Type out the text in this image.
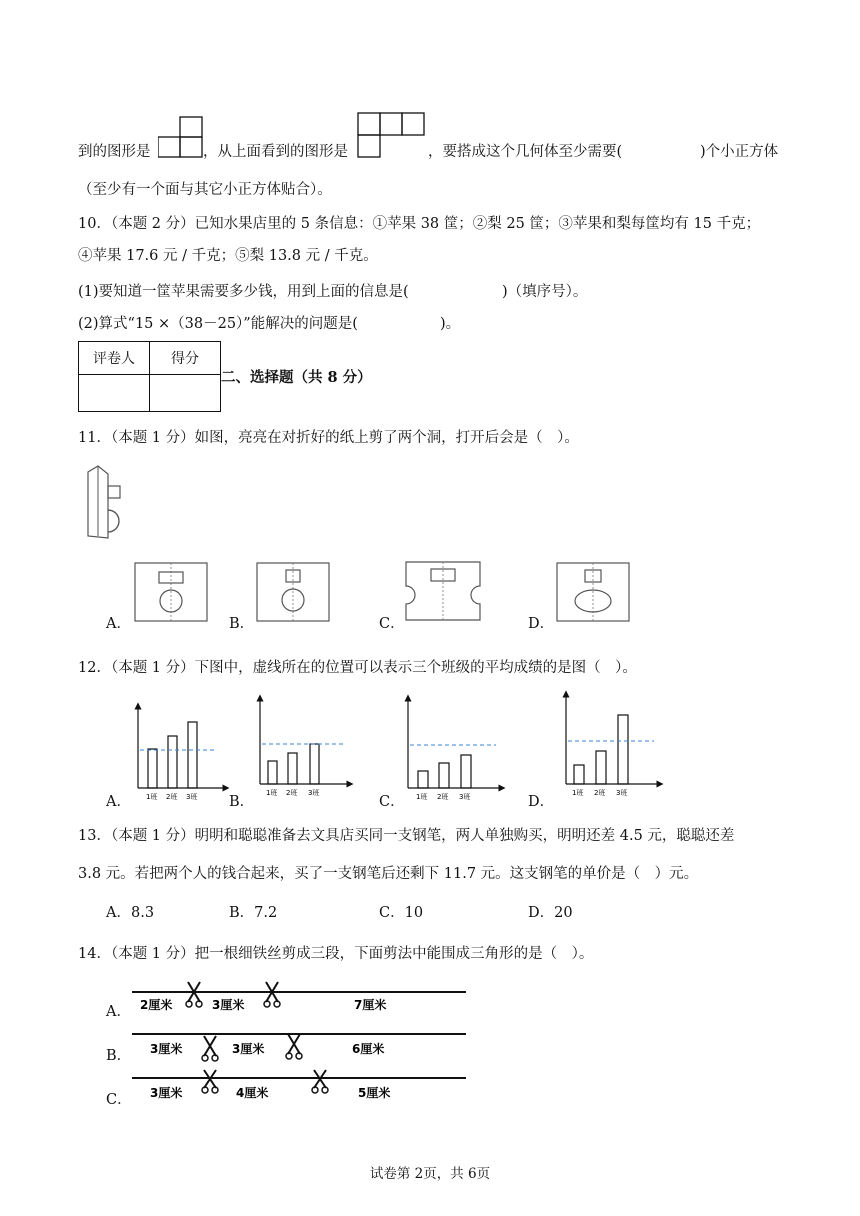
到的图形是	，从上面看到的图形是	，要搭成这个几何体至少需要(	)个小正方体
（至少有一个面与其它小正方体贴合）。
10．（本题 2 分）已知水果店里的 5 条信息：①苹果 38 筐；②梨 25 筐；③苹果和梨每筐均有 15 千克；
④苹果 17.6 元 / 千克；⑤梨 13.8 元 / 千克。
(1)要知道一筐苹果需要多少钱，用到上面的信息是(	)（填序号）。
(2)算式“15 ×（38－25）”能解决的问题是(	)。
评卷人	得分

二、选择题（共 8 分）
11．（本题 1 分）如图，亮亮在对折好的纸上剪了两个洞，打开后会是（　）。
A．	B．	C．	D．
12．（本题 1 分）下图中，虚线所在的位置可以表示三个班级的平均成绩的是图（　）。
A． 1班 2班 3班 B．
1班 2班 3班
C． 1班 2班 3班	D．
1班 2班 3班
13．（本题 1 分）明明和聪聪准备去文具店买同一支钢笔，两人单独购买，明明还差 4.5 元，聪聪还差
3.8 元。若把两个人的钱合起来，买了一支钢笔后还剩下 11.7 元。这支钢笔的单价是（　）元。
A．8.3	B．7.2	C．10	D．20
14．（本题 1 分）把一根细铁丝剪成三段，下面剪法中能围成三角形的是（　）。
A． 2厘米	3厘米	7厘米
B． 3厘米	3厘米	6厘米
C． 3厘米	4厘米	5厘米
试卷第 2页，共 6页
